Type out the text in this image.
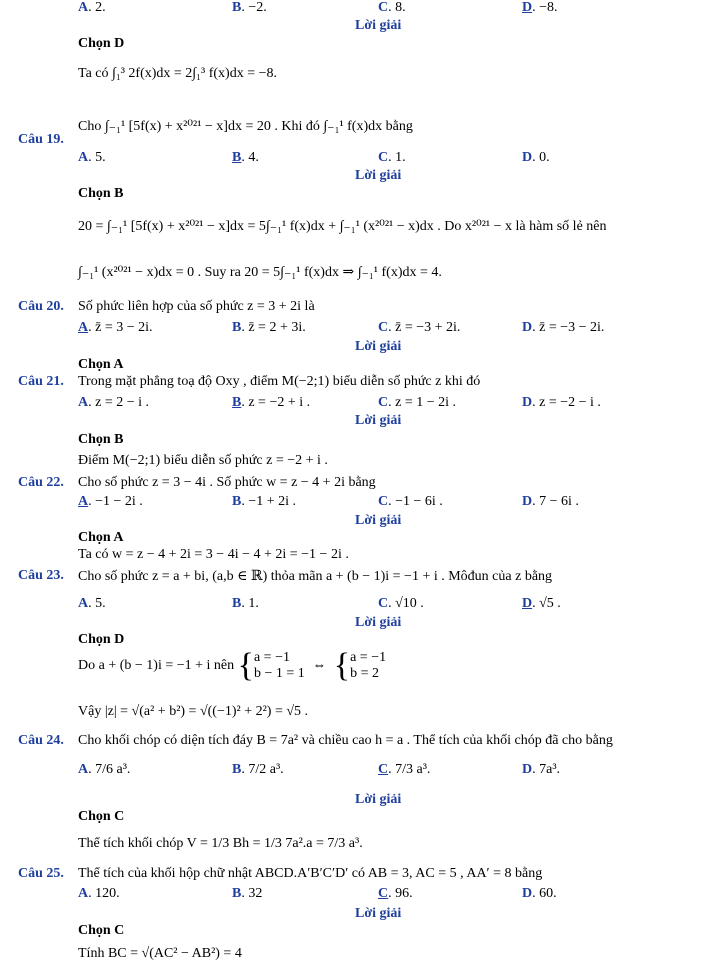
A. 2.	B. −2.	C. 8.	D. −8.
Lời giải
Chọn D
Ta có ∫₁³ 2f(x)dx = 2∫₁³ f(x)dx = −8.
Câu 19.
Cho ∫₋₁¹ [5f(x) + x²⁰²¹ − x]dx = 20 . Khi đó ∫₋₁¹ f(x)dx bằng
A. 5.	B. 4.	C. 1.	D. 0.
Lời giải
Chọn B
20 = ∫₋₁¹ [5f(x) + x²⁰²¹ − x]dx = 5∫₋₁¹ f(x)dx + ∫₋₁¹ (x²⁰²¹ − x)dx . Do x²⁰²¹ − x là hàm số lẻ nên
∫₋₁¹ (x²⁰²¹ − x)dx = 0 . Suy ra 20 = 5∫₋₁¹ f(x)dx ⇒ ∫₋₁¹ f(x)dx = 4.
Câu 20. Số phức liên hợp của số phức z = 3 + 2i là
A. z̄ = 3 − 2i.	B. z̄ = 2 + 3i.	C. z̄ = −3 + 2i.	D. z̄ = −3 − 2i.
Lời giải
Chọn A
Câu 21. Trong mặt phẳng toạ độ Oxy , điểm M(−2;1) biểu diễn số phức z khi đó
A. z = 2 − i .	B. z = −2 + i .	C. z = 1 − 2i .	D. z = −2 − i .
Lời giải
Chọn B
Điểm M(−2;1) biểu diễn số phức z = −2 + i .
Câu 22. Cho số phức z = 3 − 4i . Số phức w = z − 4 + 2i bằng
A. −1 − 2i .	B. −1 + 2i .	C. −1 − 6i .	D. 7 − 6i .
Lời giải
Chọn A
Ta có w = z − 4 + 2i = 3 − 4i − 4 + 2i = −1 − 2i .
Câu 23. Cho số phức z = a + bi, (a,b ∈ ℝ) thỏa mãn a + (b − 1)i = −1 + i . Môđun của z bằng
A. 5.	B. 1.	C. √10 .	D. √5 .
Lời giải
Chọn D
Do a + (b − 1)i = −1 + i nên { a = −1
b − 1 = 1
⇔ { a = −1
b = 2
Vậy |z| = √(a² + b²) = √((−1)² + 2²) = √5 .
Câu 24. Cho khối chóp có diện tích đáy B = 7a² và chiều cao h = a . Thể tích của khối chóp đã cho bằng
A. 7/6 a³.	B. 7/2 a³.	C. 7/3 a³.	D. 7a³.
Lời giải
Chọn C
Thể tích khối chóp V = 1/3 Bh = 1/3 7a².a = 7/3 a³.
Câu 25. Thể tích của khối hộp chữ nhật ABCD.A′B′C′D′ có AB = 3, AC = 5 , AA′ = 8 bằng
A. 120.	B. 32	C. 96.	D. 60.
Lời giải
Chọn C
Tính BC = √(AC² − AB²) = 4
